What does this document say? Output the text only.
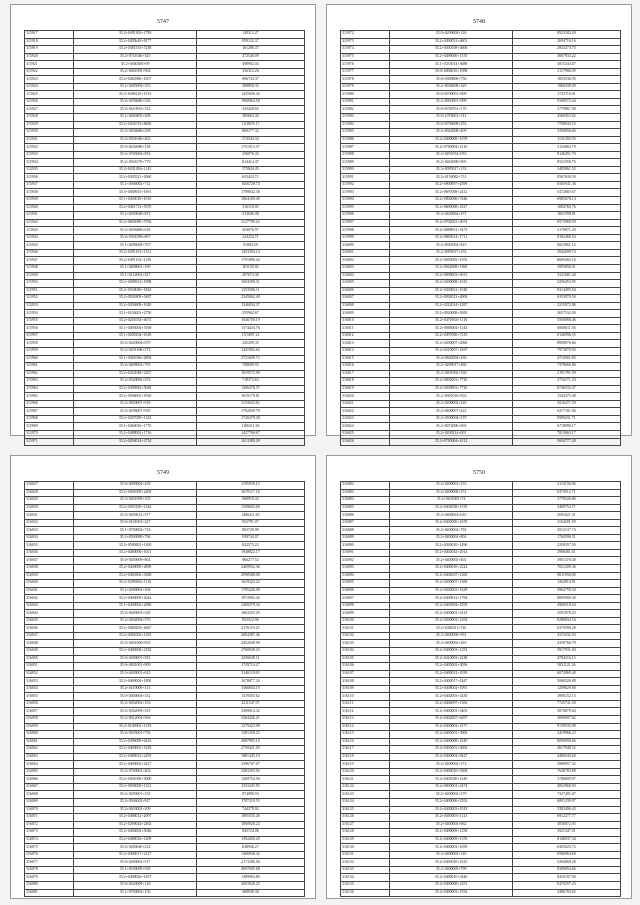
5747
315917	35.2+0491100+1799	140312.27
315918	35.2+0495b10+8177	959132.37
315919	35.2+0381533+7238	161286.37
315920	35.2+0741046+345	472546.09
315921	35.2+0460468+09	498902.43
315922	35.2+0461005+904	336312.26
315923	35.2+0462986+1657	696734.37
315924	35.1+0485009+353	308858.35
315925	35.2+0490110+1913	1455656.42
315926	35.2+0456686+326	1960964.58
315927	35.2+0410933+332	333420.65
315928	35.1+0460405+308	385663.30
315929	35.2+0431015+8660	1118676.17
315930	35.2+0494686+258	869177.32
315931	35.2+0501046+463	574544.34
315932	35.0+8202080+138	1751013.37
315933	35.2+0765004+854	256076.43
315934	35.2+0561076+779	814414.47
315935	35.2+0431456+1143	575844.45
315936	35.2+0305521+2960	655423.71
315937	35.1+0366002+712	1656728.74
315938	35.3+0468915+1691	1789632.38
315939	35.1+0430010+1010	1064109.49
315940	35.2+0481712+5570	516118.05
315941	35.1+0450048+813	313046.38
315942	35.2+0603089+5784	1127799.24
315943	35.2+0456486+618	454076.97
315944	35.2+0501096+607	224254.71
315945	35.1+0286008+707	91804.59
315946	35.2+0291101+1131	1453394.14
315947	35.2+0491102+1156	1791886.44
315948	35.1+0408001+169	101129.02
315949	35.1+0112004+327	307673.30
315950	35.2+0498312+1998	1604398.31
315951	35.2+0520046+1824	1353586.11
315952	35.2+0501809+5487	2345062.49
315953	35.2+0456808+1620	1346834.37
315954	35.1+0104001+2750	255962.67
315955	35.2+0201034+4673	1046756.19
315956	35.1+0493004+5169	1574434.76
315957	35.1+0200104+1618	1115897.21
315958	35.2+0249004+679	245209.35
315959	35.2+0201308+273	1441902.62
315960	35.1+0461036+2894	2731609.72
315961	35.2+0408002+793	708609.93
315962	35.2+0452048+2267	1019572.90
315963	35.2+0320082+253	718373.63
315964	35.2+0300982+5048	1366478.37
315965	35.2+0506001+1830	1019179.81
315966	35.2+0820067+918	1153022.82
315967	35.2+0296007+929	1792009.79
315968	35.2+0287089+1343	1720478.38
315969	35.1+0460016+1770	1186311.63
315970	35.2+0488002+1716	1427760.67
315971	35.2+0294014+2734	1613389.29
5748
315972	35.0+6200604+126	8923182.29
315973	35.2+0490031+4601	2694716.16
315974	35.2+0300108+4606	2843273.75
315975	35.2+0496000+1370	3667933.22
315976	35.1+0333014+3688	3815344.07
315977	35.0+6006016+1098	3117966.39
315978	35.0+0300800+756	1853536.95
315979	35.2+0036008+329	1960438.09
315980	35.0+6700001+909	1743716.01
315981	35.2+0003001+909	9349572.44
315982	35.0+6700701+170	2779867.08
315983	35.0+1076001+741	4560453.02
315984	35.0+6700608+292	7708043.53
315985	35.2+0042008+409	3356856.66
315986	35.2+0490008+1078	1131450.59
315987	35.2+0700004+2110	3134084.79
315988	35.2+0491054+053	8146451.70
315989	35.2+0462008+905	8521050.76
315990	35.3+0095017+133	3405861.52
315991	35.2+0150082+731	8567630.50
315992	35.2+0900897+2599	6565941.36
315993	35.2+0697008+2412	5472665.67
315994	35.2+0092006+7446	6985678.14
315995	35.2+0609008+2527	1084765.76
315996	35.2+0420064+471	1601598.81
315997	35.2+0702001+2074	9573969.59
315998	35.2+0088031+5473	3176871.20
315999	35.2+0005014+1712	8182468.54
316000	35.2+0041002+823	6823961.12
316001	35.2+0095017+192	2942699.74
316002	35.2+0050082+1053	6669465.16
316003	35.2+0042008+1960	3093856.01
316004	35.2+0098003+3613	3321681.40
316005	35.2+0200008+1015	2256453.95
316006	35.2+0430021+1040	8314495.04
316007	35.2+0092013+4009	6353970.50
316008	35.2+0222014+1487	2215972.86
316009	35.2+0020008+5650	3657532.00
316010	35.2+0470034+1110	5560868.46
316011	35.2+0006004+1144	6060611.56
316012	35.2+0497000+7219	8146996.55
316013	35.2+0200007+2066	8908976.66
316014	35.2+0210007+2167	7972870.93
316015	35.2+0602004+436	4714561.65
316016	35.2+0209017+460	7378666.86
316017	35.2+0491002+336	2191781.59
316018	35.2+0002001+7720	2716171.23
316019	35.2+0500901+7720	8746333.47
316020	35.2+0001016+502	1543375.48
316021	35.2+0200002+220	3516471.59
316022	35.2+0600007+422	6217181.06
316023	35.2+0500004+379	8589431.71
316024	35.2+0072000+603	6718990.17
316025	35.2+0200214+001	7813063.17
316026	35.2+0700004+4112	5694777.28
5749
316027	35.0+0009004+438	1195939.15
316028	35.2+0491009+2469	1670117.18
316029	35.3+0401009+105	968910.43
316030	35.2+0493100+1344	1309603.69
316031	35.2+0200012+377	1466411.65
316032	35.0+0101001+227	952791.07
316033	35.1+0700002+716	863729.99
316034	35.2+0500080+796	939744.07
316035	35.2+0500001+1100	822575.23
316036	35.2+0480000+1021	1948822.17
316037	35.0+0450009+804	866277.52
316038	35.2+0400009+2899	2469952.36
316039	35.2+0400302+3368	2998588.08
316040	35.2+0290002+1116	1619324.22
316041	35.1+0400002+104	1785426.09
316042	35.2+0400009+2644	1972902.42
316043	35.1+0400002+2680	2369279.34
316044	35.2+0400003+329	1663325.29
316045	35.2+0402094+370	852522.96
316046	35.2+0480203+2667	2176119.25
316047	35.2+0481002+1293	2694387.46
316048	35.2+0461000+833	2452648.98
316049	35.2+0400608+2182	2760049.25
316050	35.0+0400001+581	2256049.11
316051	35.0+0401001+909	1729714.27
316052	35.3+0490001+625	3146118.65
316053	35.2+0469004+1800	1678877.34
316054	35.2+0410000+313	3366834.19
316055	35.0+0400004+332	1319355.62
316056	35.2+0402002+163	2211547.07
316057	35.2+0302009+319	3369014.32
316058	35.2+0012004+504	3264426.21
316059	35.2+0100002+1139	1279423.99
316060	35.2+0505001+756	1581458.25
316061	35.2+0496000+6416	4087995.10
316062	35.2+0400001+1429	2758421.05
316063	35.2+0480012+2459	1881445.19
316064	35.2+0400002+2417	3396767.07
316065	35.2+0700002+202	2383393.92
316066	35.2+0401000+3000	1269754.56
316067	35.2+0500009+1321	1333435.95
316068	35.2+0200001+155	974998.93
316069	35.2+0506002+927	1787219.55
316070	35.2+0403002+209	744279.92
316071	35.2+0480012+2097	1805535.26
316072	35.2+0290044+2463	1860926.22
316073	35.2+0404002+5046	845724.06
316074	35.2+0480016+1209	1392450.20
316075	35.2+0400020+232	638946.27
316076	35.2+0400017+2127	1466936.42
316077	35.0+0400002+517	2173286.56
316078	35.1+0100009+569	4697695.68
316079	35.2+0400020+1497	1389904.80
316080	35.0+0420009+126	2603926.25
316081	35.1+0700002+156	368948.38
5750
316082	35.2+0400001+153	2114156.06
316083	35.2+0400000+151	6374912.71
316084	35.2+0401005+74	3778326.86
316085	35.2+0402038+1570	3469752.71
316086	35.2+0400024+635	2691621.31
316087	35.2+0402000+1070	1164201.59
316088	35.2+0400002+792	4512137.74
316089	35.2+0400004+804	1764596.31
316090	35.2+0430010+1496	2258357.50
316091	35.2+0402042+2014	2968481.61
316092	35.2+0400002+402	3901470.40
316093	35.2+0400010+2224	7021209.36
316094	35.2+0402037+1265	9811950.08
316095	35.2+0200007+1369	1264914.91
316096	35.2+0420003+1429	3964759.34
316097	35.2+0400012+1794	8009909.30
316098	35.2+0405094+2559	4968318.64
316099	35.2+0400001+4123	2591879.23
316100	35.2+0200002+1294	8286834.54
316101	35.2+0402011+726	6379590.28
316102	35.2+0400096+591	4315232.03
316103	35.2+0400002+263	4350766.79
316104	35.2+0490003+1252	3917931.04
316105	35.2+0410003+2248	4794116.13
316106	35.2+0405002+3056	5031121.26
316107	35.2+0400012+1039	6072869.40
316108	35.2+0400017+2447	5068326.88
316109	35.2+0408002+1091	1209629.80
316110	35.2+0402003+2430	3906152.13
316111	35.2+0406097+1363	7725741.50
316112	35.2+0400002+5403	3876879.04
316113	35.2+0402007+6297	3690697.62
316114	35.2+0400002+2177	9729535.99
316115	35.2+0405001+3906	2419966.23
316116	35.2+0400008+2249	6090058.66
316117	35.2+0405001+3063	4617948.52
316118	35.2+0400002+9427	4496543.60
316119	35.2+0400002+372	3989957.32
316120	35.2+0400010+5308	7646783.88
316121	35.2+0401020+1249	3786809.97
316122	35.2+0000001+2474	4852960.93
316123	35.2+0400002+379	7327491.07
316124	35.2+0400006+2352	6891239.97
316125	35.2+0400003+1019	3382496.43
316126	35.2+0400003+1123	6912277.77
316127	35.2+0400004+962	3830072.05
316128	35.2+0400009+1258	3921347.01
316129	35.2+0400009+1376	8148037.34
316130	35.2+0400002+1059	6303025.72
316131	35.2+0400005+140	8566964.60
316132	35.2+0400010+1025	5284869.28
316133	35.2+0400005+799	8306854.66
316134	35.2+0400010+3446	8416197.90
316135	35.2+0400008+1451	8470297.23
316136	35.2+0400003+1934	3486793.02
